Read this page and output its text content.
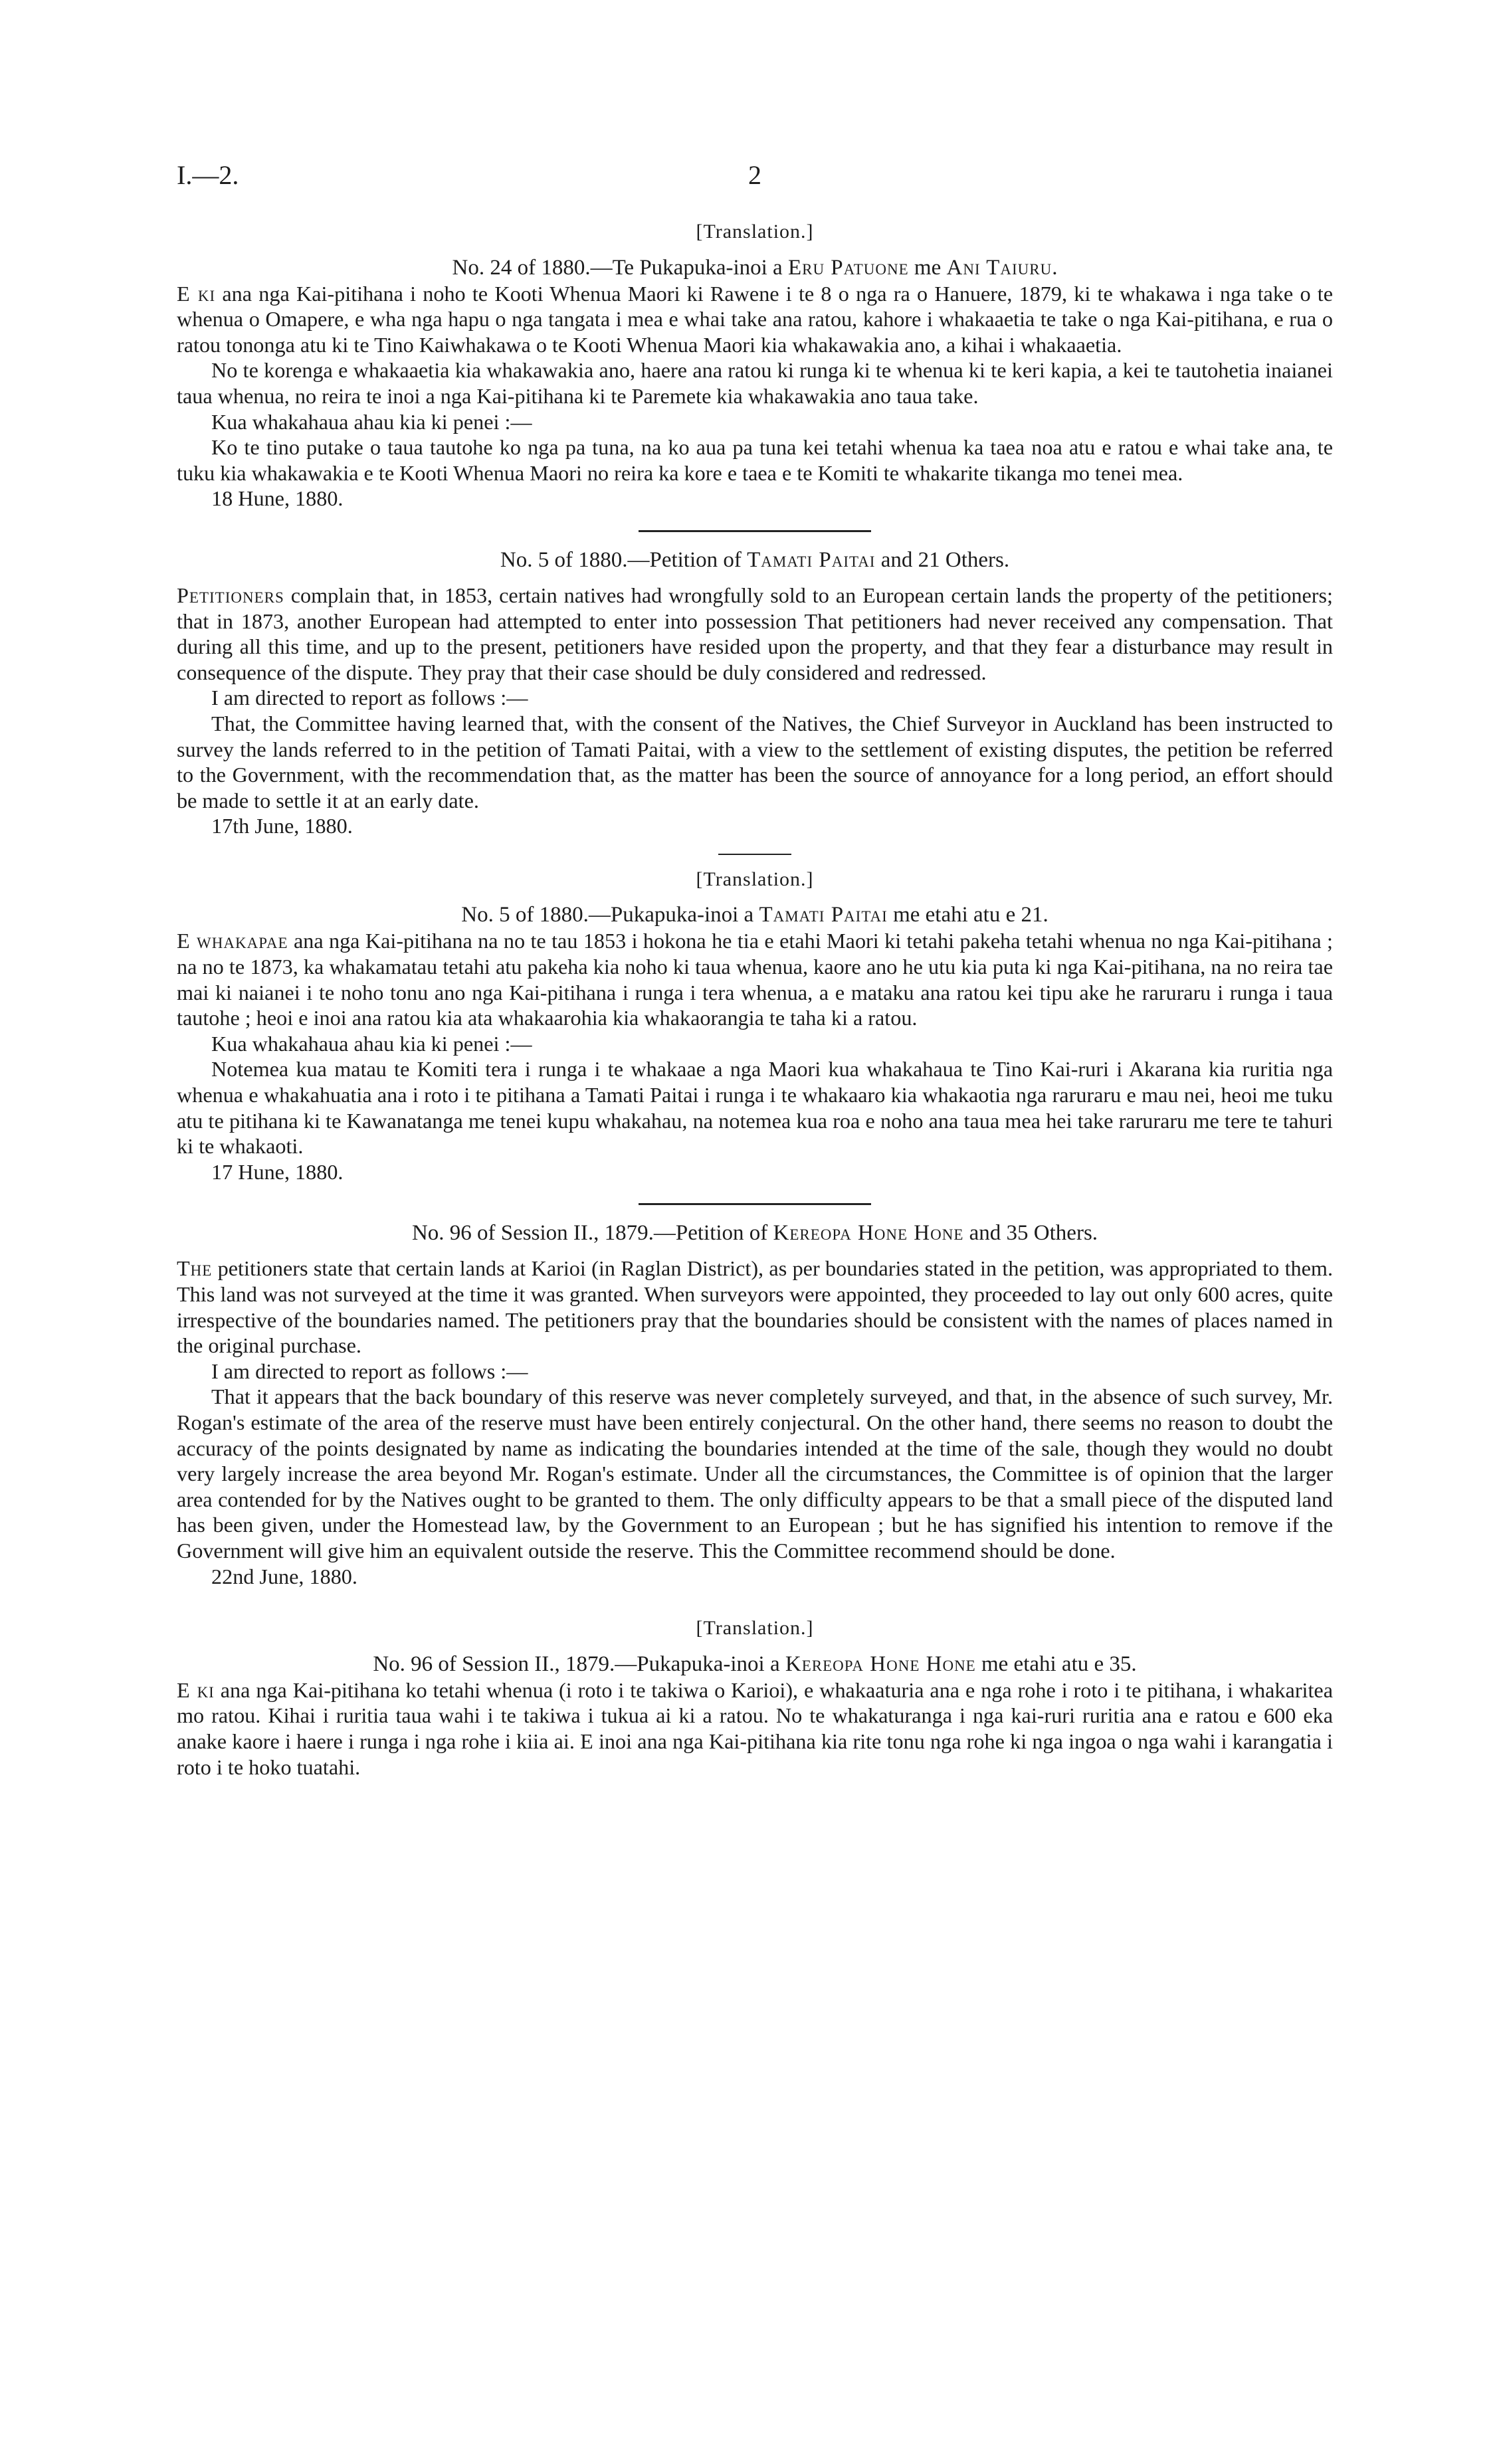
I.—2.	2

[Translation.]

No. 24 of 1880.—Te Pukapuka-inoi a Eru Patuone me Ani Taiuru.

E ki ana nga Kai-pitihana i noho te Kooti Whenua Maori ki Rawene i te 8 o nga ra o Hanuere, 1879, ki te whakawa i nga take o te whenua o Omapere, e wha nga hapu o nga tangata i mea e whai take ana ratou, kahore i whakaaetia te take o nga Kai-pitihana, e rua o ratou tononga atu ki te Tino Kaiwhakawa o te Kooti Whenua Maori kia whakawakia ano, a kihai i whakaaetia.

No te korenga e whakaaetia kia whakawakia ano, haere ana ratou ki runga ki te whenua ki te keri kapia, a kei te tautohetia inaianei taua whenua, no reira te inoi a nga Kai-pitihana ki te Paremete kia whakawakia ano taua take.

Kua whakahaua ahau kia ki penei :—

Ko te tino putake o taua tautohe ko nga pa tuna, na ko aua pa tuna kei tetahi whenua ka taea noa atu e ratou e whai take ana, te tuku kia whakawakia e te Kooti Whenua Maori no reira ka kore e taea e te Komiti te whakarite tikanga mo tenei mea.

18 Hune, 1880.

No. 5 of 1880.—Petition of Tamati Paitai and 21 Others.

Petitioners complain that, in 1853, certain natives had wrongfully sold to an European certain lands the property of the petitioners; that in 1873, another European had attempted to enter into possession That petitioners had never received any compensation. That during all this time, and up to the present, petitioners have resided upon the property, and that they fear a disturbance may result in consequence of the dispute. They pray that their case should be duly considered and redressed.

I am directed to report as follows :—

That, the Committee having learned that, with the consent of the Natives, the Chief Surveyor in Auckland has been instructed to survey the lands referred to in the petition of Tamati Paitai, with a view to the settlement of existing disputes, the petition be referred to the Government, with the recommendation that, as the matter has been the source of annoyance for a long period, an effort should be made to settle it at an early date.

17th June, 1880.

[Translation.]

No. 5 of 1880.—Pukapuka-inoi a Tamati Paitai me etahi atu e 21.

E whakapae ana nga Kai-pitihana na no te tau 1853 i hokona he tia e etahi Maori ki tetahi pakeha tetahi whenua no nga Kai-pitihana ; na no te 1873, ka whakamatau tetahi atu pakeha kia noho ki taua whenua, kaore ano he utu kia puta ki nga Kai-pitihana, na no reira tae mai ki naianei i te noho tonu ano nga Kai-pitihana i runga i tera whenua, a e mataku ana ratou kei tipu ake he raruraru i runga i taua tautohe ; heoi e inoi ana ratou kia ata whakaarohia kia whakaorangia te taha ki a ratou.

Kua whakahaua ahau kia ki penei :—

Notemea kua matau te Komiti tera i runga i te whakaae a nga Maori kua whakahaua te Tino Kai-ruri i Akarana kia ruritia nga whenua e whakahuatia ana i roto i te pitihana a Tamati Paitai i runga i te whakaaro kia whakaotia nga raruraru e mau nei, heoi me tuku atu te pitihana ki te Kawanatanga me tenei kupu whakahau, na notemea kua roa e noho ana taua mea hei take raruraru me tere te tahuri ki te whakaoti.

17 Hune, 1880.

No. 96 of Session II., 1879.—Petition of Kereopa Hone Hone and 35 Others.

The petitioners state that certain lands at Karioi (in Raglan District), as per boundaries stated in the petition, was appropriated to them. This land was not surveyed at the time it was granted. When surveyors were appointed, they proceeded to lay out only 600 acres, quite irrespective of the boundaries named. The petitioners pray that the boundaries should be consistent with the names of places named in the original purchase.

I am directed to report as follows :—

That it appears that the back boundary of this reserve was never completely surveyed, and that, in the absence of such survey, Mr. Rogan's estimate of the area of the reserve must have been entirely conjectural. On the other hand, there seems no reason to doubt the accuracy of the points designated by name as indicating the boundaries intended at the time of the sale, though they would no doubt very largely increase the area beyond Mr. Rogan's estimate. Under all the circumstances, the Committee is of opinion that the larger area contended for by the Natives ought to be granted to them. The only difficulty appears to be that a small piece of the disputed land has been given, under the Homestead law, by the Government to an European ; but he has signified his intention to remove if the Government will give him an equivalent outside the reserve. This the Committee recommend should be done.

22nd June, 1880.

[Translation.]

No. 96 of Session II., 1879.—Pukapuka-inoi a Kereopa Hone Hone me etahi atu e 35.

E ki ana nga Kai-pitihana ko tetahi whenua (i roto i te takiwa o Karioi), e whakaaturia ana e nga rohe i roto i te pitihana, i whakaritea mo ratou. Kihai i ruritia taua wahi i te takiwa i tukua ai ki a ratou. No te whakaturanga i nga kai-ruri ruritia ana e ratou e 600 eka anake kaore i haere i runga i nga rohe i kiia ai. E inoi ana nga Kai-pitihana kia rite tonu nga rohe ki nga ingoa o nga wahi i karangatia i roto i te hoko tuatahi.
